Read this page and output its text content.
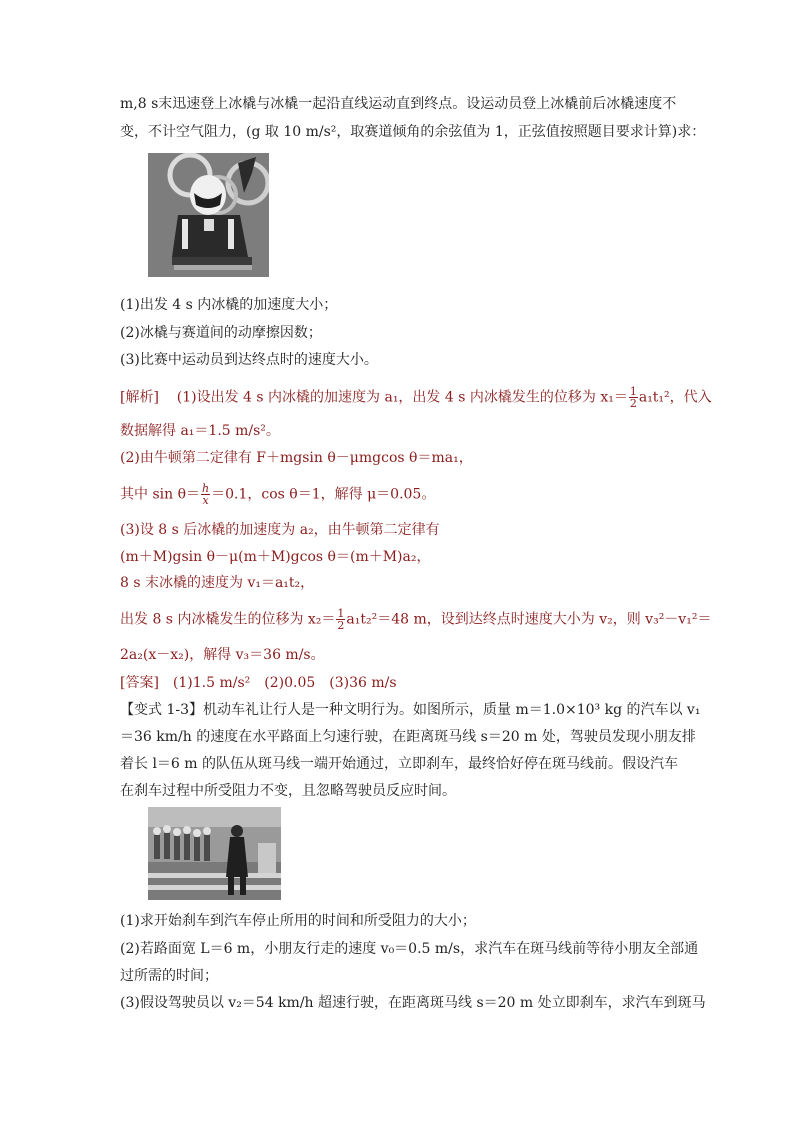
m,8 s末迅速登上冰橇与冰橇一起沿直线运动直到终点。设运动员登上冰橇前后冰橇速度不
变，不计空气阻力，(g 取 10 m/s²，取赛道倾角的余弦值为 1，正弦值按照题目要求计算)求：
(1)出发 4 s 内冰橇的加速度大小；
(2)冰橇与赛道间的动摩擦因数；
(3)比赛中运动员到达终点时的速度大小。
[解析] (1)设出发 4 s 内冰橇的加速度为 a₁，出发 4 s 内冰橇发生的位移为 $x_1= \frac{1}{2} a_1t_1^2$，代入
数据解得 a₁＝1.5 m/s²。
(2)由牛顿第二定律有 F＋mgsin θ－μmgcos θ＝ma₁，
其中 $\sin \theta= \frac{h}{x} =0.1$，cos θ＝1，解得 μ＝0.05。
(3)设 8 s 后冰橇的加速度为 a₂，由牛顿第二定律有
(m＋M)gsin θ－μ(m＋M)gcos θ＝(m＋M)a₂，
8 s 末冰橇的速度为 v₁＝a₁t₂，
出发 8 s 内冰橇发生的位移为 $x_2= \frac{1}{2} a_1t_2^2=48$ m，设到达终点时速度大小为 v₂，则 v₃²－v₁²＝
2a₂(x－x₂)，解得 v₃＝36 m/s。
[答案]　(1)1.5 m/s²　(2)0.05　(3)36 m/s
【变式 1-3】机动车礼让行人是一种文明行为。如图所示，质量 m＝1.0×10³ kg 的汽车以 v₁
＝36 km/h 的速度在水平路面上匀速行驶，在距离斑马线 s＝20 m 处，驾驶员发现小朋友排
着长 l＝6 m 的队伍从斑马线一端开始通过，立即刹车，最终恰好停在斑马线前。假设汽车
在刹车过程中所受阻力不变，且忽略驾驶员反应时间。
(1)求开始刹车到汽车停止所用的时间和所受阻力的大小；
(2)若路面宽 L＝6 m，小朋友行走的速度 v₀＝0.5 m/s，求汽车在斑马线前等待小朋友全部通
过所需的时间；
(3)假设驾驶员以 v₂＝54 km/h 超速行驶，在距离斑马线 s＝20 m 处立即刹车，求汽车到斑马
